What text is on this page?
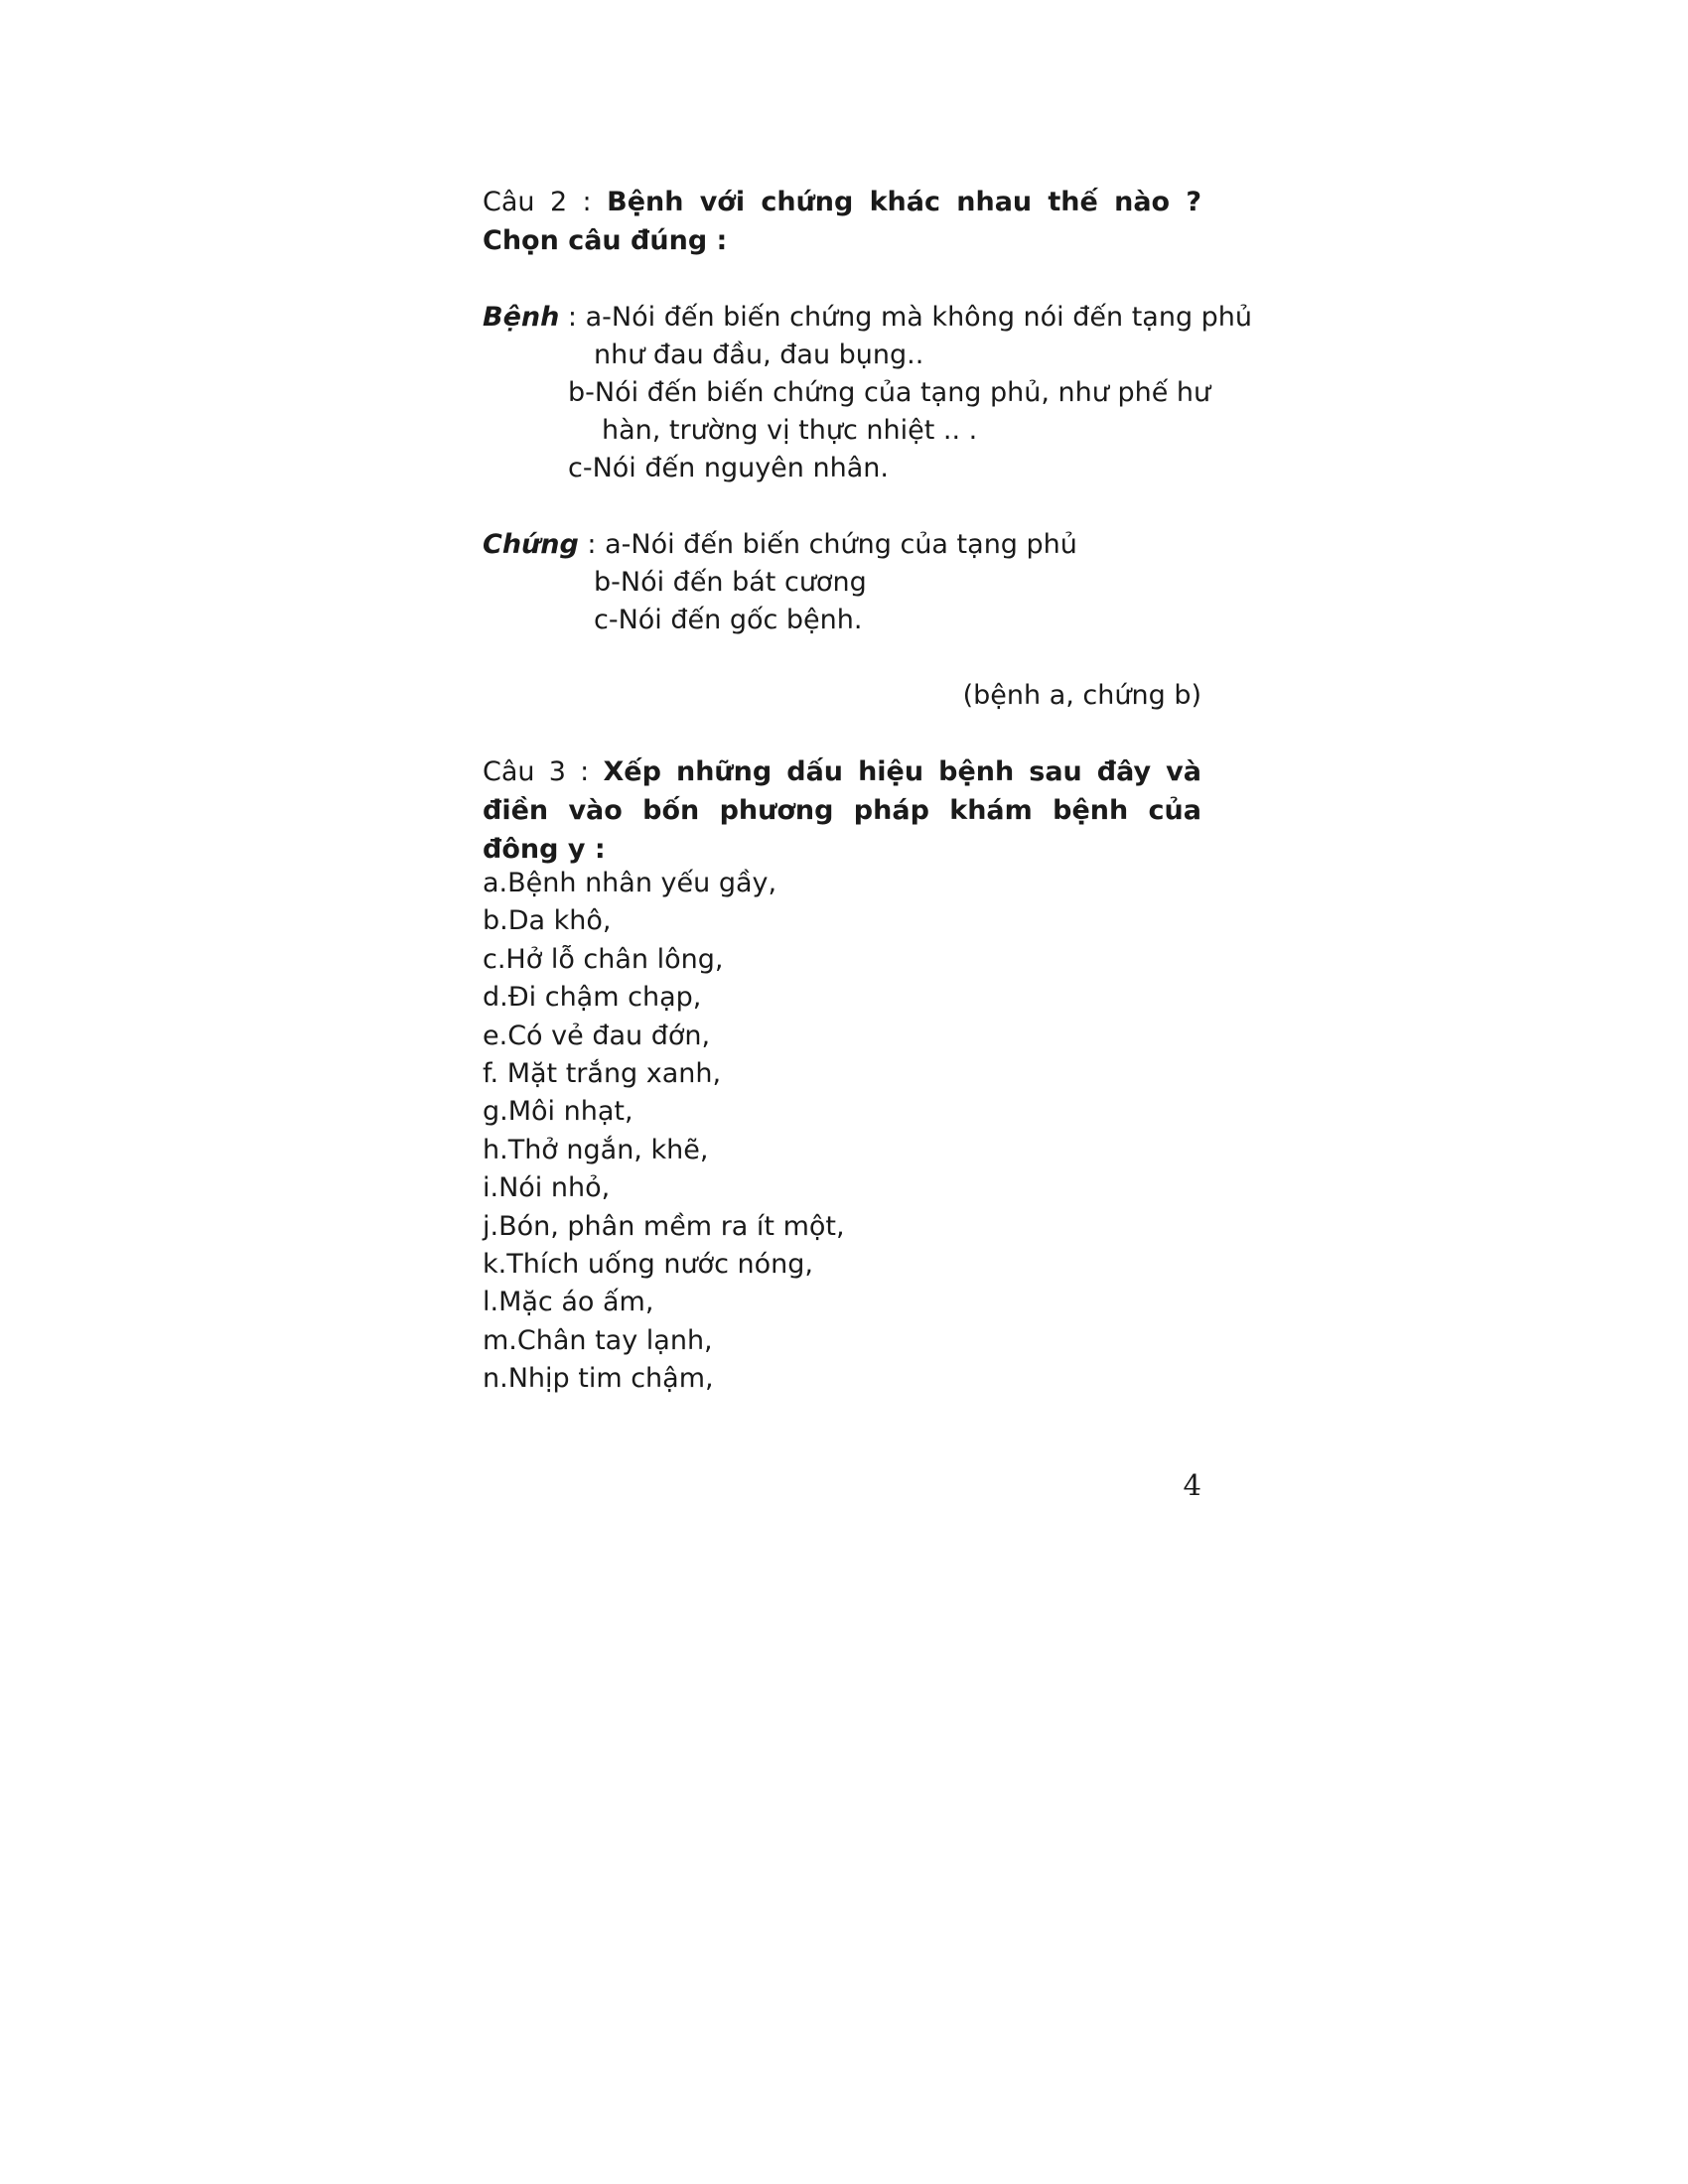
Câu 2 : Bệnh với chứng khác nhau thế nào ? Chọn câu đúng :
Bệnh : a-Nói đến biến chứng mà không nói đến tạng phủ
như đau đầu, đau bụng..
b-Nói đến biến chứng của tạng phủ, như phế hư
hàn, trường vị thực nhiệt .. .
c-Nói đến nguyên nhân.
Chứng : a-Nói đến biến chứng của tạng phủ
b-Nói đến bát cương
c-Nói đến gốc bệnh.
(bệnh a, chứng b)
Câu 3 : Xếp những dấu hiệu bệnh sau đây và điền vào bốn phương pháp khám bệnh của đông y :
a.Bệnh nhân yếu gầy,
b.Da khô,
c.Hở lỗ chân lông,
d.Đi chậm chạp,
e.Có vẻ đau đớn,
f. Mặt trắng xanh,
g.Môi nhạt,
h.Thở ngắn, khẽ,
i.Nói nhỏ,
j.Bón, phân mềm ra ít một,
k.Thích uống nước nóng,
l.Mặc áo ấm,
m.Chân tay lạnh,
n.Nhịp tim chậm,
4
